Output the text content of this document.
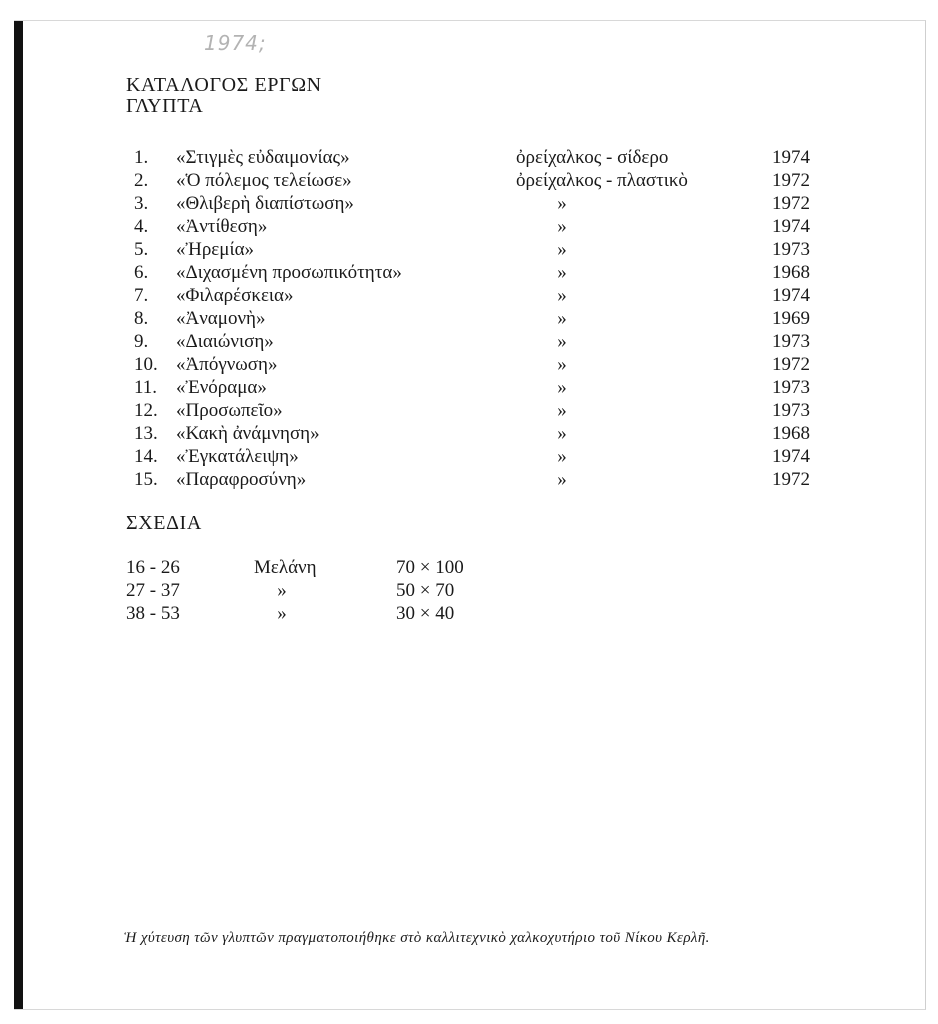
1974;
ΚΑΤΑΛΟΓΟΣ ΕΡΓΩΝ
ΓΛΥΠΤΑ
1. «Στιγμὲς εὐδαιμονίας»	ὀρείχαλκος - σίδερο	1974
2. «Ὁ πόλεμος τελείωσε»	ὀρείχαλκος - πλαστικὸ	1972
3. «Θλιβερὴ διαπίστωση»	»	1972
4. «Ἀντίθεση»	»	1974
5. «Ἠρεμία»	»	1973
6. «Διχασμένη προσωπικότητα»	»	1968
7. «Φιλαρέσκεια»	»	1974
8. «Ἀναμονὴ»	»	1969
9. «Διαιώνιση»	»	1973
10. «Ἀπόγνωση»	»	1972
11. «Ἐνόραμα»	»	1973
12. «Προσωπεῖο»	»	1973
13. «Κακὴ ἀνάμνηση»	»	1968
14. «Ἐγκατάλειψη»	»	1974
15. «Παραφροσύνη»	»	1972
ΣΧΕΔΙΑ
16 - 26	Μελάνη	70 × 100
27 - 37	»	50 × 70
38 - 53	»	30 × 40
Ἡ χύτευση τῶν γλυπτῶν πραγματοποιήθηκε στὸ καλλιτεχνικὸ χαλκοχυτήριο τοῦ Νίκου Κερλῆ.
